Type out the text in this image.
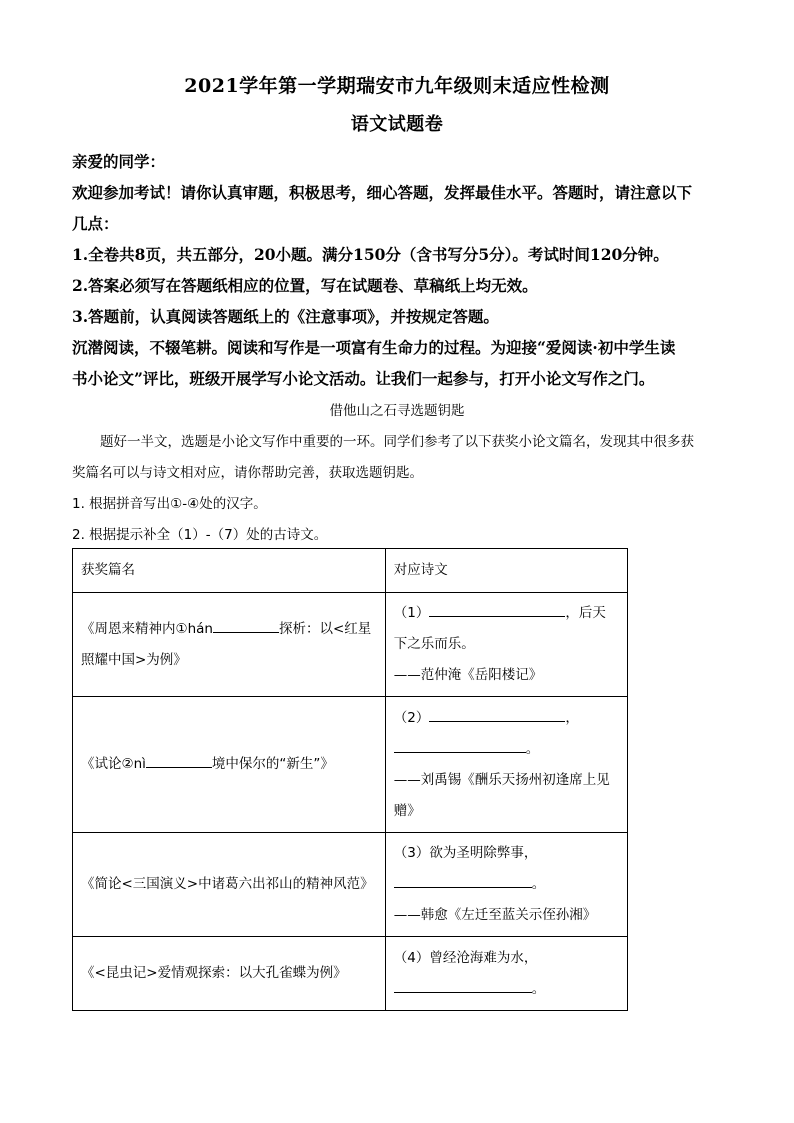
2021学年第一学期瑞安市九年级则末适应性检测
语文试题卷
亲爱的同学：
欢迎参加考试！请你认真审题，积极思考，细心答题，发挥最佳水平。答题时，请注意以下
几点：
1.全卷共8页，共五部分，20小题。满分150分（含书写分5分）。考试时间120分钟。
2.答案必须写在答题纸相应的位置，写在试题卷、草稿纸上均无效。
3.答题前，认真阅读答题纸上的《注意事项》，并按规定答题。
沉潜阅读，不辍笔耕。阅读和写作是一项富有生命力的过程。为迎接“爱阅读·初中学生读
书小论文”评比，班级开展学写小论文活动。让我们一起参与，打开小论文写作之门。
借他山之石寻选题钥匙
题好一半文，选题是小论文写作中重要的一环。同学们参考了以下获奖小论文篇名，发现其中很多获
奖篇名可以与诗文相对应，请你帮助完善，获取选题钥匙。
1. 根据拼音写出①-④处的汉字。
2. 根据提示补全（1）-（7）处的古诗文。
获奖篇名	对应诗文

《周恩来精神内①hán 探析：以<红星
照耀中国>为例》	（1） ，后天
下之乐而乐。
——范仲淹《岳阳楼记》

《试论②nì 境中保尔的“新生”》	（2） ，
。
——刘禹锡《酬乐天扬州初逢席上见
赠》

《简论<三国演义>中诸葛六出祁山的精神风范》	（3）欲为圣明除弊事，
。
——韩愈《左迁至蓝关示侄孙湘》

《<昆虫记>爱情观探索：以大孔雀蝶为例》	（4）曾经沧海难为水，
。
